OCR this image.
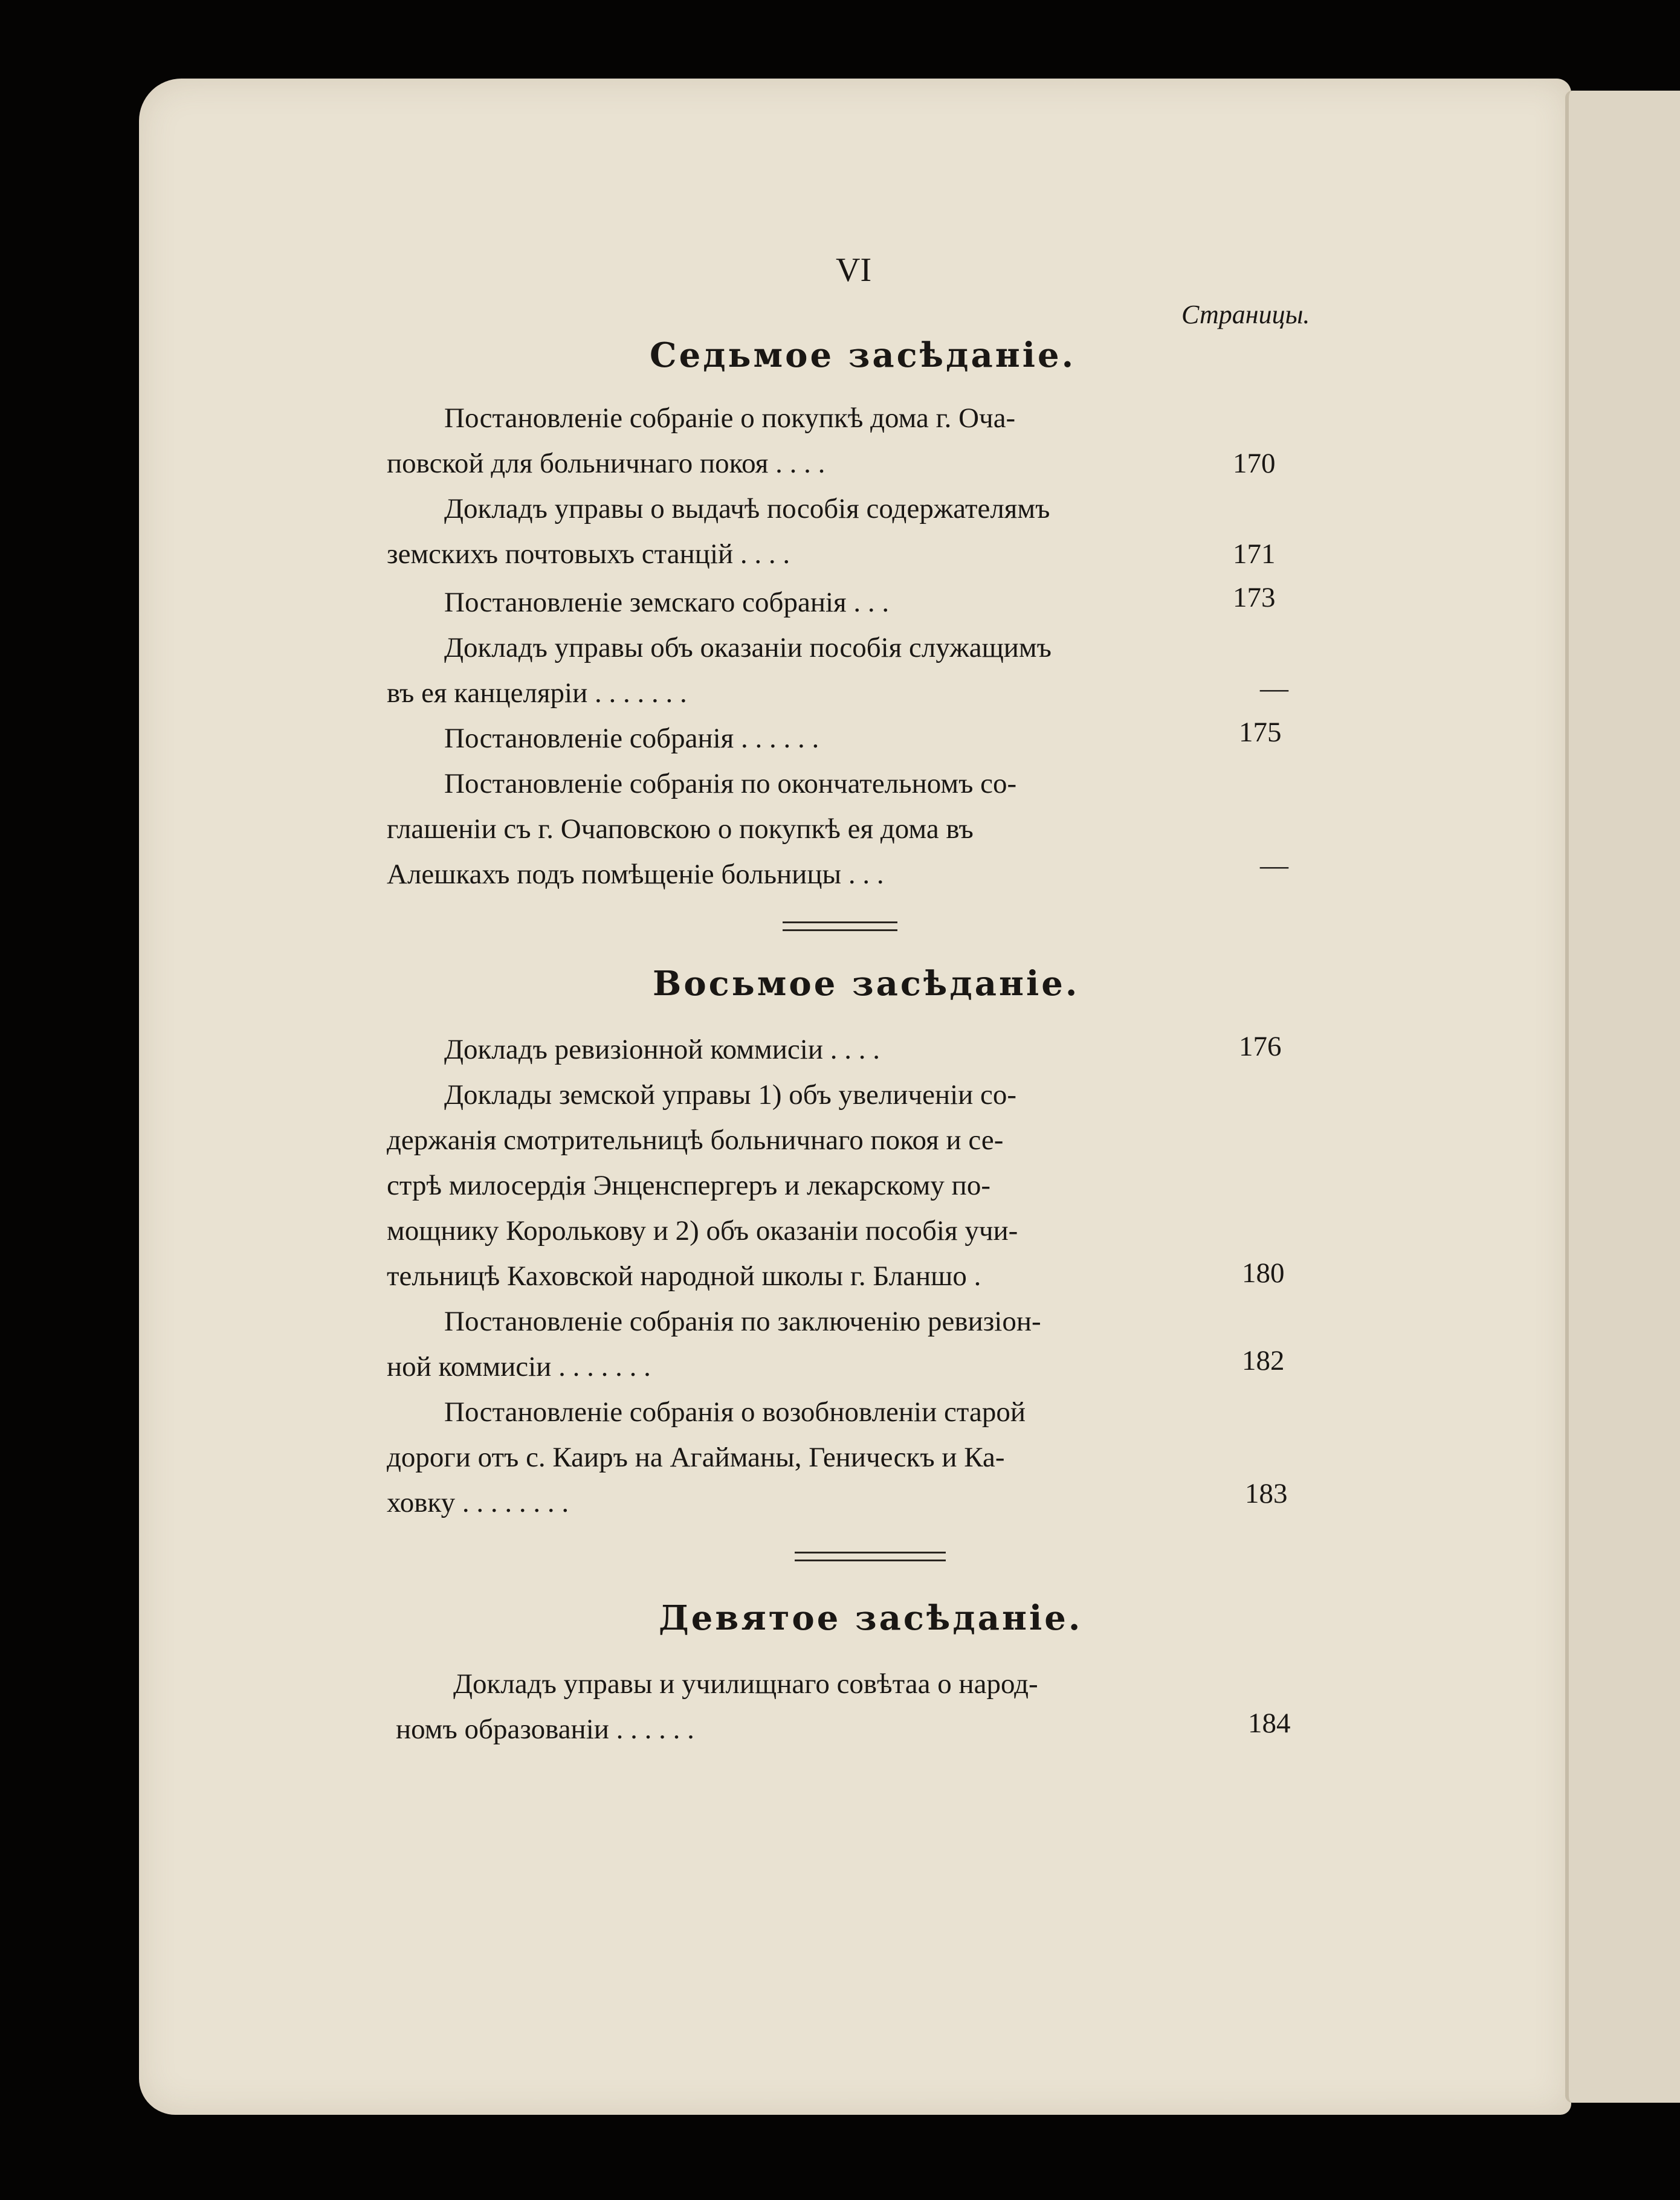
VI
Страницы.
Седьмое засѣданіе.
Постановленіе собраніе о покупкѣ дома г. Оча-
повской для больничнаго покоя . . . .	170
Докладъ управы о выдачѣ пособія содержателямъ
земскихъ почтовыхъ станцій . . . .	171
Постановленіе земскаго собранія . . .	173
Докладъ управы объ оказаніи пособія служащимъ
въ ея канцеляріи . . . . . . .	—
Постановленіе собранія . . . . . .	175
Постановленіе собранія по окончательномъ со-
глашеніи съ г. Очаповскою о покупкѣ ея дома въ
Алешкахъ подъ помѣщеніе больницы . . .	—
Восьмое засѣданіе.
Докладъ ревизіонной коммисіи . . . .	176
Доклады земской управы 1) объ увеличеніи со-
держанія смотрительницѣ больничнаго покоя и се-
стрѣ милосердія Энценспергеръ и лекарскому по-
мощнику Королькову и 2) объ оказаніи пособія учи-
тельницѣ Каховской народной школы г. Бланшо .	180
Постановленіе собранія по заключенію ревизіон-
ной коммисіи . . . . . . .	182
Постановленіе собранія о возобновленіи старой
дороги отъ с. Каиръ на Агайманы, Геническъ и Ка-
ховку . . . . . . . .	183
Девятое засѣданіе.
Докладъ управы и училищнаго совѣтаа о народ-
номъ образованіи . . . . . .	184
